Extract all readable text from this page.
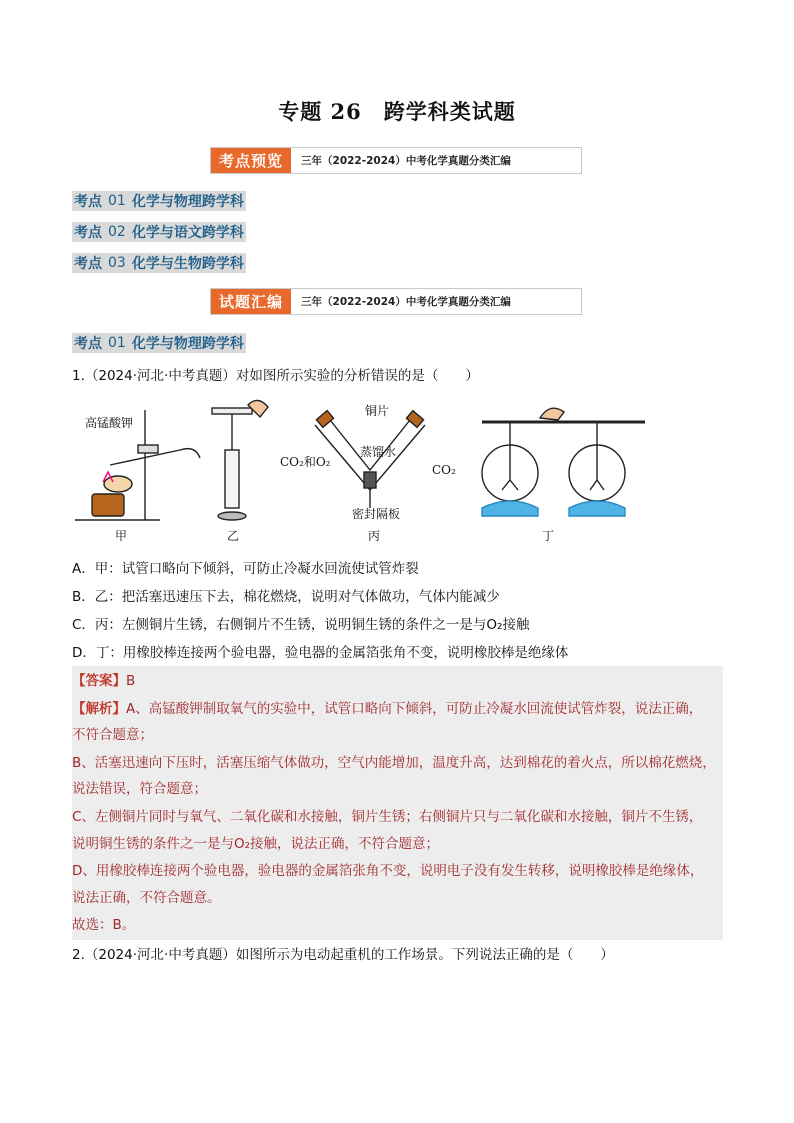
专题 26　跨学科类试题
考点预览	三年（2022-2024）中考化学真题分类汇编
考点 01 化学与物理跨学科
考点 02 化学与语文跨学科
考点 03 化学与生物跨学科
试题汇编	三年（2022-2024）中考化学真题分类汇编
考点 01 化学与物理跨学科
1.（2024·河北·中考真题）对如图所示实验的分析错误的是（　　）
高锰酸钾
甲	乙
铜片
蒸馏水
CO₂和O₂
CO₂
密封隔板
丙	丁
A．甲：试管口略向下倾斜，可防止冷凝水回流使试管炸裂
B．乙：把活塞迅速压下去，棉花燃烧，说明对气体做功，气体内能减少
C．丙：左侧铜片生锈，右侧铜片不生锈，说明铜生锈的条件之一是与O₂接触
D．丁：用橡胶棒连接两个验电器，验电器的金属箔张角不变，说明橡胶棒是绝缘体
【答案】B
【解析】A、高锰酸钾制取氧气的实验中，试管口略向下倾斜，可防止冷凝水回流使试管炸裂，说法正确，
不符合题意；
B、活塞迅速向下压时，活塞压缩气体做功，空气内能增加，温度升高，达到棉花的着火点，所以棉花燃烧，
说法错误，符合题意；
C、左侧铜片同时与氧气、二氧化碳和水接触，铜片生锈；右侧铜片只与二氧化碳和水接触，铜片不生锈，
说明铜生锈的条件之一是与O₂接触，说法正确，不符合题意；
D、用橡胶棒连接两个验电器，验电器的金属箔张角不变，说明电子没有发生转移，说明橡胶棒是绝缘体，
说法正确，不符合题意。
故选：B。
2.（2024·河北·中考真题）如图所示为电动起重机的工作场景。下列说法正确的是（　　）
